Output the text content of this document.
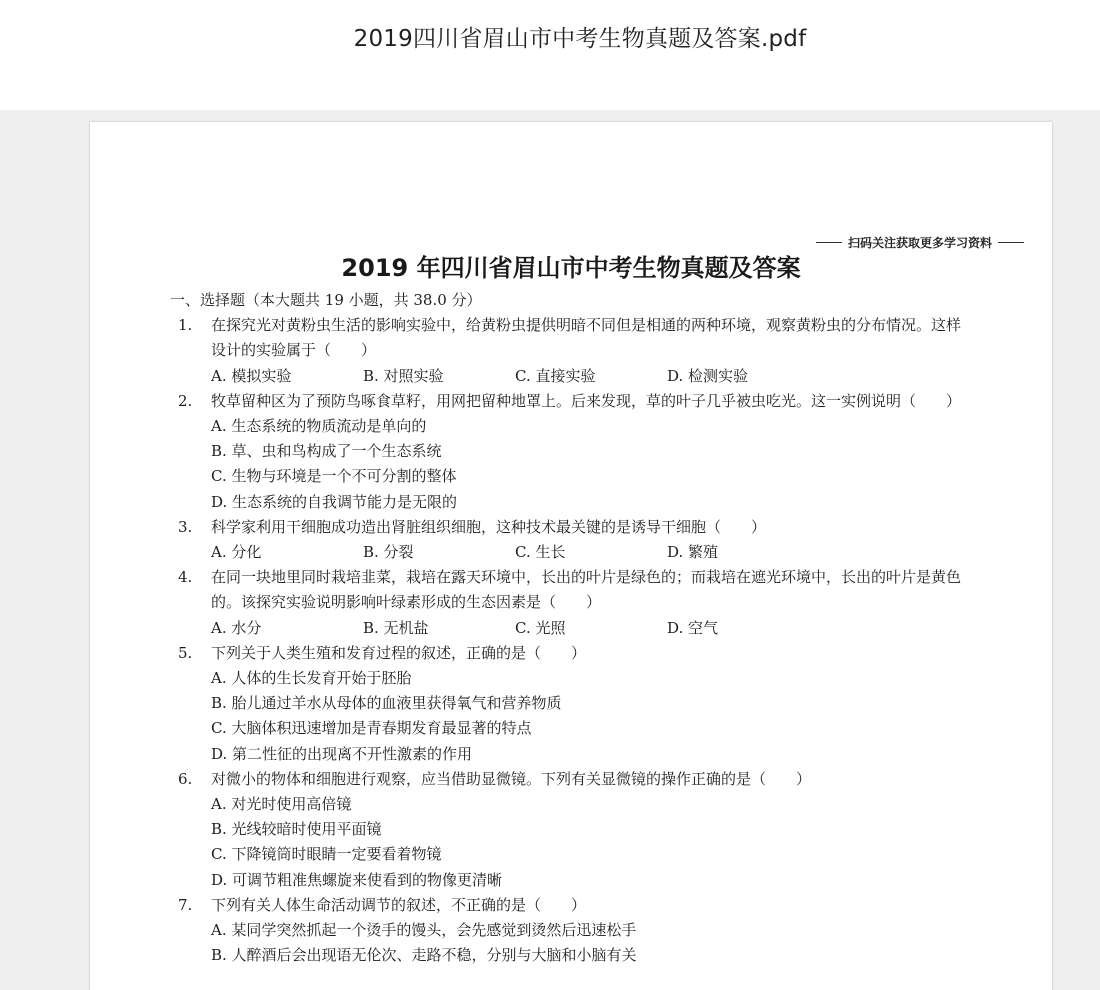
2019四川省眉山市中考生物真题及答案.pdf
扫码关注获取更多学习资料
2019 年四川省眉山市中考生物真题及答案
一、选择题（本大题共 19 小题，共 38.0 分）
1.	在探究光对黄粉虫生活的影响实验中，给黄粉虫提供明暗不同但是相通的两种环境，观察黄粉虫的分布情况。这样设计的实验属于（　　）
A. 模拟实验	B. 对照实验	C. 直接实验	D. 检测实验
2.	牧草留种区为了预防鸟啄食草籽，用网把留种地罩上。后来发现，草的叶子几乎被虫吃光。这一实例说明（　　）
A. 生态系统的物质流动是单向的
B. 草、虫和鸟构成了一个生态系统
C. 生物与环境是一个不可分割的整体
D. 生态系统的自我调节能力是无限的
3.	科学家利用干细胞成功造出肾脏组织细胞，这种技术最关键的是诱导干细胞（　　）
A. 分化	B. 分裂	C. 生长	D. 繁殖
4.	在同一块地里同时栽培韭菜，栽培在露天环境中，长出的叶片是绿色的；而栽培在遮光环境中，长出的叶片是黄色的。该探究实验说明影响叶绿素形成的生态因素是（　　）
A. 水分	B. 无机盐	C. 光照	D. 空气
5.	下列关于人类生殖和发育过程的叙述，正确的是（　　）
A. 人体的生长发育开始于胚胎
B. 胎儿通过羊水从母体的血液里获得氧气和营养物质
C. 大脑体积迅速增加是青春期发育最显著的特点
D. 第二性征的出现离不开性激素的作用
6.	对微小的物体和细胞进行观察，应当借助显微镜。下列有关显微镜的操作正确的是（　　）
A. 对光时使用高倍镜
B. 光线较暗时使用平面镜
C. 下降镜筒时眼睛一定要看着物镜
D. 可调节粗准焦螺旋来使看到的物像更清晰
7.	下列有关人体生命活动调节的叙述，不正确的是（　　）
A. 某同学突然抓起一个烫手的馒头，会先感觉到烫然后迅速松手
B. 人醉酒后会出现语无伦次、走路不稳，分别与大脑和小脑有关
